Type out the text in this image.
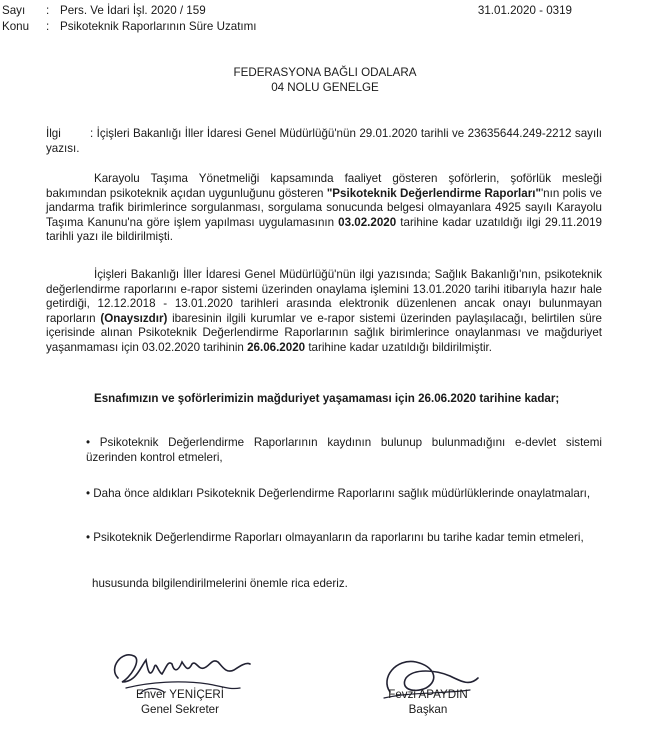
Sayı : Pers. Ve İdari İşl. 2020 / 159	31.01.2020 - 0319
Konu : Psikoteknik Raporlarının Süre Uzatımı
FEDERASYONA BAĞLI ODALARA
04 NOLU GENELGE
İlgi	: İçişleri Bakanlığı İller İdaresi Genel Müdürlüğü'nün 29.01.2020 tarihli ve 23635644.249-2212 sayılı yazısı.
Karayolu Taşıma Yönetmeliği kapsamında faaliyet gösteren şoförlerin, şoförlük mesleği bakımından psikoteknik açıdan uygunluğunu gösteren "Psikoteknik Değerlendirme Raporları"'nın polis ve jandarma trafik birimlerince sorgulanması, sorgulama sonucunda belgesi olmayanlara 4925 sayılı Karayolu Taşıma Kanunu'na göre işlem yapılması uygulamasının 03.02.2020 tarihine kadar uzatıldığı ilgi 29.11.2019 tarihli yazı ile bildirilmişti.
İçişleri Bakanlığı İller İdaresi Genel Müdürlüğü'nün ilgi yazısında; Sağlık Bakanlığı'nın, psikoteknik değerlendirme raporlarını e-rapor sistemi üzerinden onaylama işlemini 13.01.2020 tarihi itibarıyla hazır hale getirdiği, 12.12.2018 - 13.01.2020 tarihleri arasında elektronik düzenlenen ancak onayı bulunmayan raporların (Onaysızdır) ibaresinin ilgili kurumlar ve e-rapor sistemi üzerinden paylaşılacağı, belirtilen süre içerisinde alınan Psikoteknik Değerlendirme Raporlarının sağlık birimlerince onaylanması ve mağduriyet yaşanmaması için 03.02.2020 tarihinin 26.06.2020 tarihine kadar uzatıldığı bildirilmiştir.
Esnafımızın ve şoförlerimizin mağduriyet yaşamaması için 26.06.2020 tarihine kadar;
• Psikoteknik Değerlendirme Raporlarının kaydının bulunup bulunmadığını e-devlet sistemi üzerinden kontrol etmeleri,
• Daha önce aldıkları Psikoteknik Değerlendirme Raporlarını sağlık müdürlüklerinde onaylatmaları,
• Psikoteknik Değerlendirme Raporları olmayanların da raporlarını bu tarihe kadar temin etmeleri,
hususunda bilgilendirilmelerini önemle rica ederiz.
Enver YENİÇERİ
Genel Sekreter
Fevzi APAYDIN
Başkan
